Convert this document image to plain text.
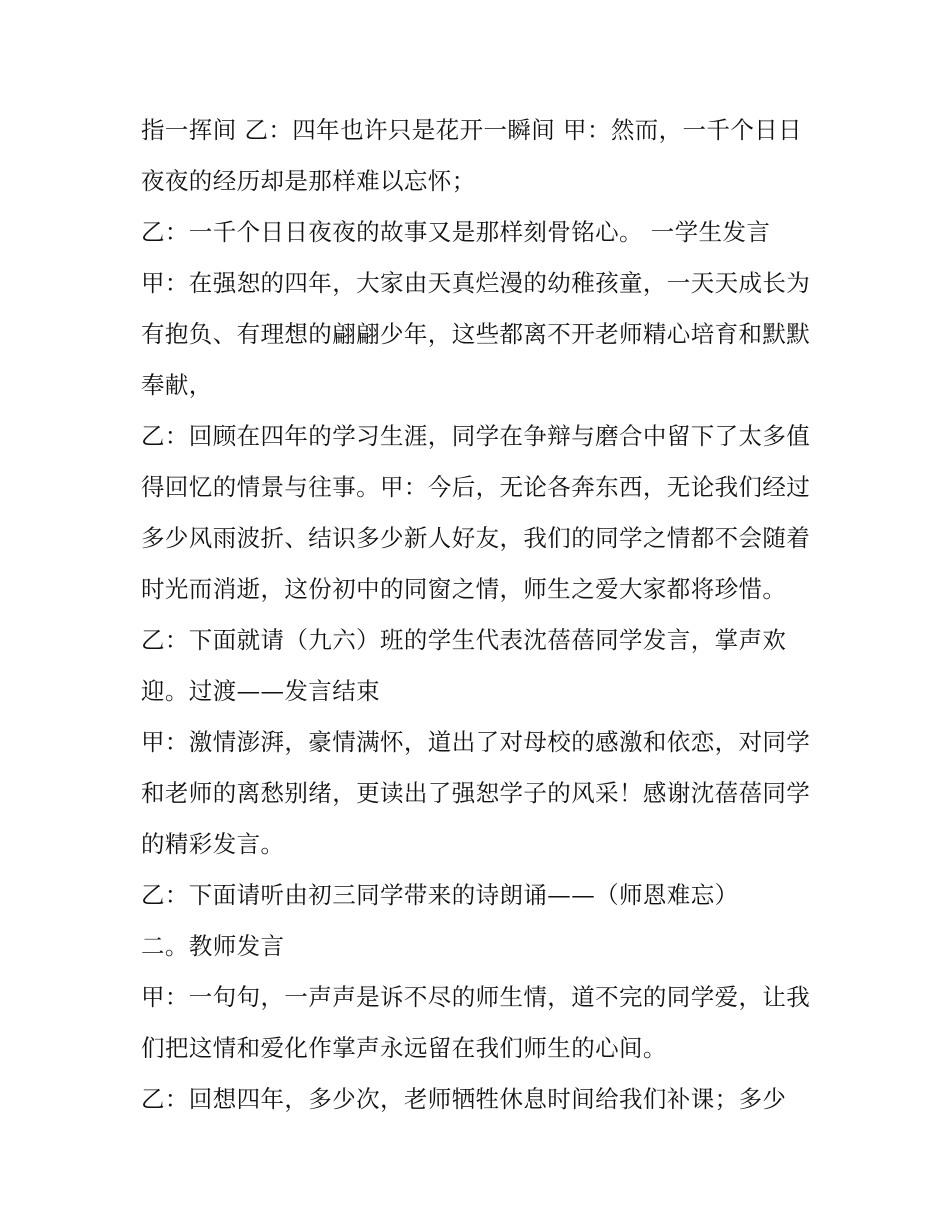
指一挥间 乙：四年也许只是花开一瞬间 甲：然而，一千个日日夜夜的经历却是那样难以忘怀；

乙：一千个日日夜夜的故事又是那样刻骨铭心。 一学生发言

甲：在强恕的四年，大家由天真烂漫的幼稚孩童，一天天成长为有抱负、有理想的翩翩少年，这些都离不开老师精心培育和默默奉献，

乙：回顾在四年的学习生涯，同学在争辩与磨合中留下了太多值得回忆的情景与往事。甲：今后，无论各奔东西，无论我们经过多少风雨波折、结识多少新人好友，我们的同学之情都不会随着时光而消逝，这份初中的同窗之情，师生之爱大家都将珍惜。乙：下面就请（九六）班的学生代表沈蓓蓓同学发言，掌声欢迎。过渡——发言结束

甲：激情澎湃，豪情满怀，道出了对母校的感激和依恋，对同学和老师的离愁别绪，更读出了强恕学子的风采！感谢沈蓓蓓同学的精彩发言。

乙：下面请听由初三同学带来的诗朗诵——（师恩难忘）

二。教师发言

甲：一句句，一声声是诉不尽的师生情，道不完的同学爱，让我们把这情和爱化作掌声永远留在我们师生的心间。

乙：回想四年，多少次，老师牺牲休息时间给我们补课；多少
